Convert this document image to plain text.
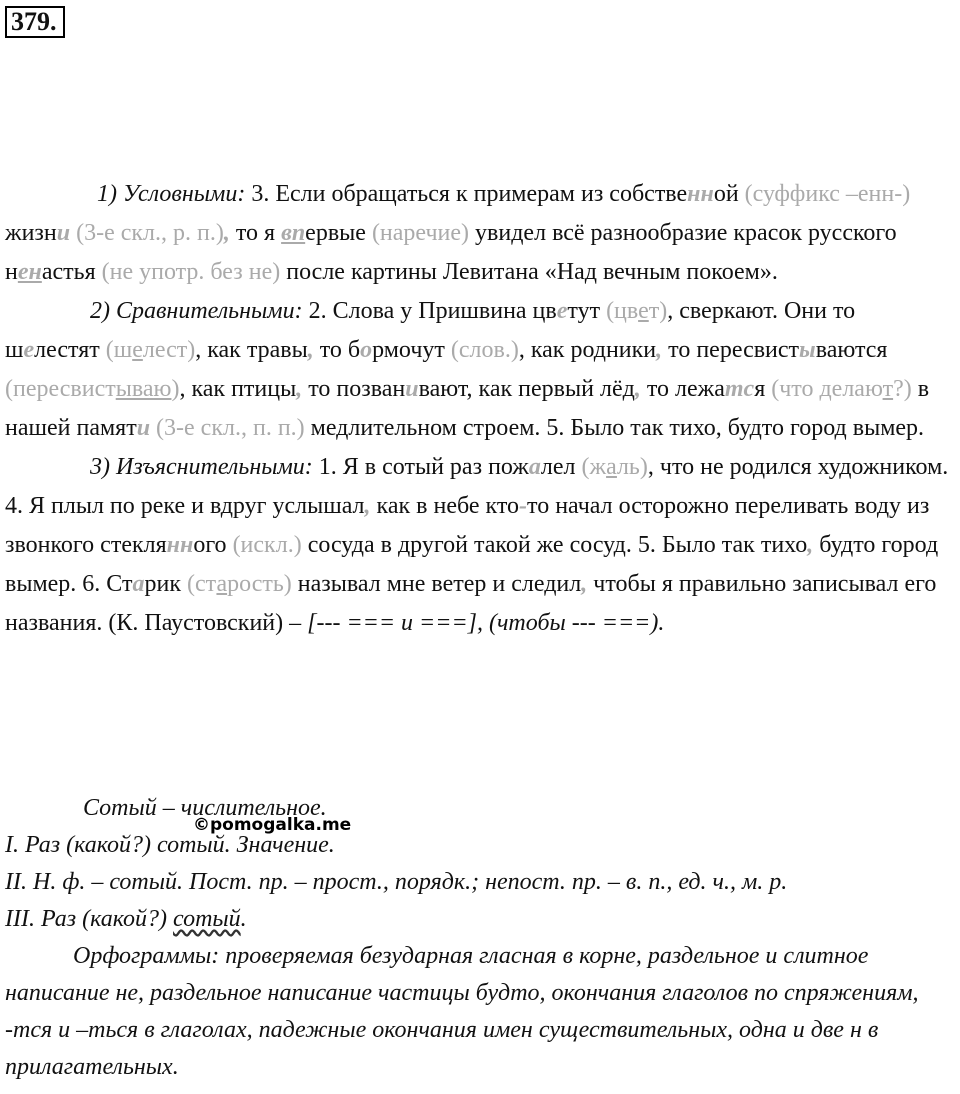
379.

1) Условными: 3. Если обращаться к примерам из собственной (суффикс –енн-) жизни (3-е скл., р. п.), то я впервые (наречие) увидел всё разнообразие красок русского ненастья (не употр. без не) после картины Левитана «Над вечным покоем».

2) Сравнительными: 2. Слова у Пришвина цветут (цвет), сверкают. Они то шелестят (шелест), как травы, то бормочут (слов.), как родники, то пересвистываются (пересвистываю), как птицы, то позванивают, как первый лёд, то лежатся (что делают?) в нашей памяти (3-е скл., п. п.) медлительном строем. 5. Было так тихо, будто город вымер.

3) Изъяснительными: 1. Я в сотый раз пожалел (жаль), что не родился художником. 4. Я плыл по реке и вдруг услышал, как в небе кто-то начал осторожно переливать воду из звонкого стеклянного (искл.) сосуда в другой такой же сосуд. 5. Было так тихо, будто город вымер. 6. Старик (старость) называл мне ветер и следил, чтобы я правильно записывал его названия. (К. Паустовский) – [--- === и ===], (чтобы --- ===).

Сотый – числительное.

I. Раз (какой?) сотый. Значение.

II. Н. ф. – сотый. Пост. пр. – прост., порядк.; непост. пр. – в. п., ед. ч., м. р.

III. Раз (какой?) сотый.

Орфограммы: проверяемая безударная гласная в корне, раздельное и слитное написание не, раздельное написание частицы будто, окончания глаголов по спряжениям, -тся и –ться в глаголах, падежные окончания имен существительных, одна и две н в прилагательных.

©pomogalka.me
